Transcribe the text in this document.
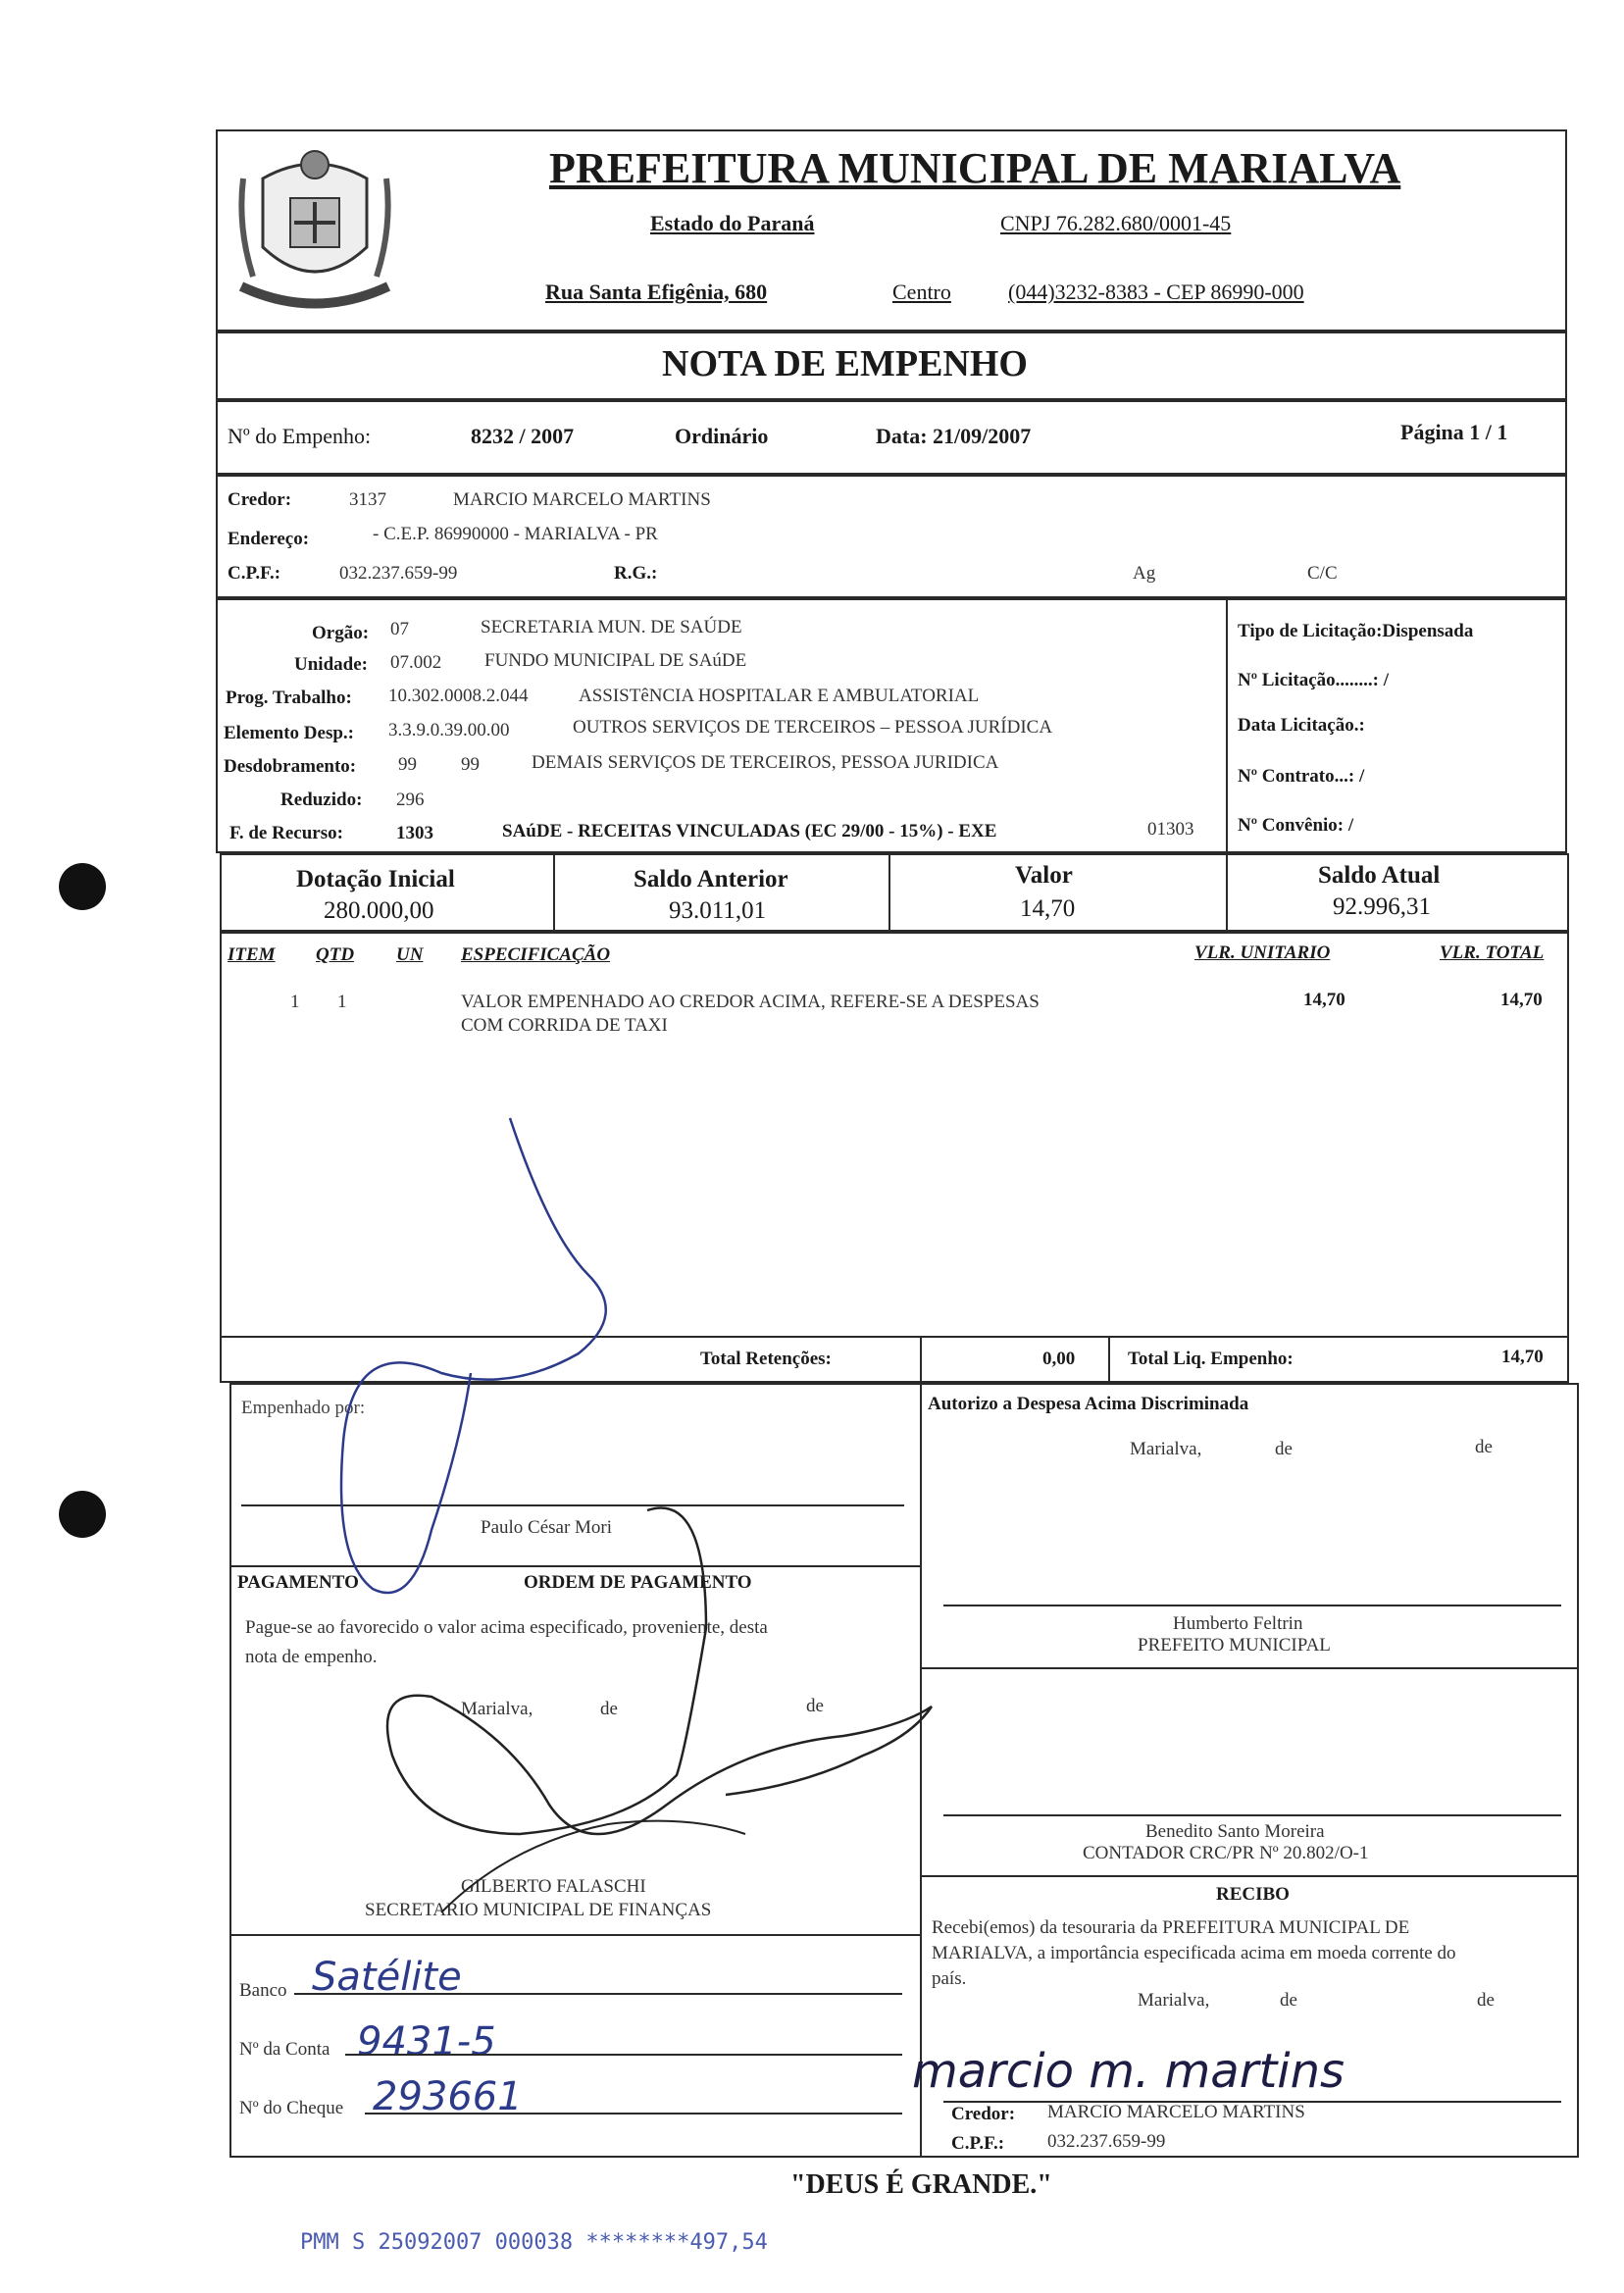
PREFEITURA MUNICIPAL DE MARIALVA
Estado do Paraná	CNPJ 76.282.680/0001-45
Rua Santa Efigênia, 680	Centro	(044)3232-8383 - CEP 86990-000
NOTA DE EMPENHO
Nº do Empenho:	8232 / 2007	Ordinário	Data: 21/09/2007	Página 1 / 1
Credor:	3137	MARCIO MARCELO MARTINS
Endereço:	- C.E.P. 86990000 - MARIALVA - PR
C.P.F.:	032.237.659-99	R.G.:	Ag	C/C
Orgão: 07	SECRETARIA MUN. DE SAÚDE
Unidade: 07.002 FUNDO MUNICIPAL DE SAúDE
Prog. Trabalho: 10.302.0008.2.044	ASSISTêNCIA HOSPITALAR E AMBULATORIAL
Elemento Desp.: 3.3.9.0.39.00.00	OUTROS SERVIÇOS DE TERCEIROS – PESSOA JURÍDICA
Desdobramento: 99 99	DEMAIS SERVIÇOS DE TERCEIROS, PESSOA JURIDICA
Reduzido: 296
F. de Recurso:	1303	SAúDE - RECEITAS VINCULADAS (EC 29/00 - 15%) - EXE	01303
Tipo de Licitação:Dispensada
Nº Licitação........: /
Data Licitação.:
Nº Contrato...: /
Nº Convênio: /
Dotação Inicial
280.000,00
Saldo Anterior
93.011,01
Valor
14,70
Saldo Atual
92.996,31
ITEM QTD UN ESPECIFICAÇÃO	VLR. UNITARIO	VLR. TOTAL
1 1	VALOR EMPENHADO AO CREDOR ACIMA, REFERE-SE A DESPESAS
COM CORRIDA DE TAXI
14,70	14,70
Total Retenções:	0,00	Total Liq. Empenho:	14,70
Empenhado por:
Paulo César Mori
PAGAMENTO	ORDEM DE PAGAMENTO
Pague-se ao favorecido o valor acima especificado, proveniente, desta
nota de empenho.
Marialva,	de	de
GILBERTO FALASCHI
SECRETARIO MUNICIPAL DE FINANÇAS
Banco Satélite
Nº da Conta 9431-5
Nº do Cheque 293661
Autorizo a Despesa Acima Discriminada
Marialva,	de	de
Humberto Feltrin
PREFEITO MUNICIPAL
Benedito Santo Moreira
CONTADOR CRC/PR Nº 20.802/O-1
RECIBO
Recebi(emos) da tesouraria da PREFEITURA MUNICIPAL DE
MARIALVA, a importância especificada acima em moeda corrente do
país.
Marialva,	de	de
marcio m. martins
Credor: MARCIO MARCELO MARTINS
C.P.F.: 032.237.659-99
"DEUS É GRANDE."
PMM S 25092007 000038 ********497,54
